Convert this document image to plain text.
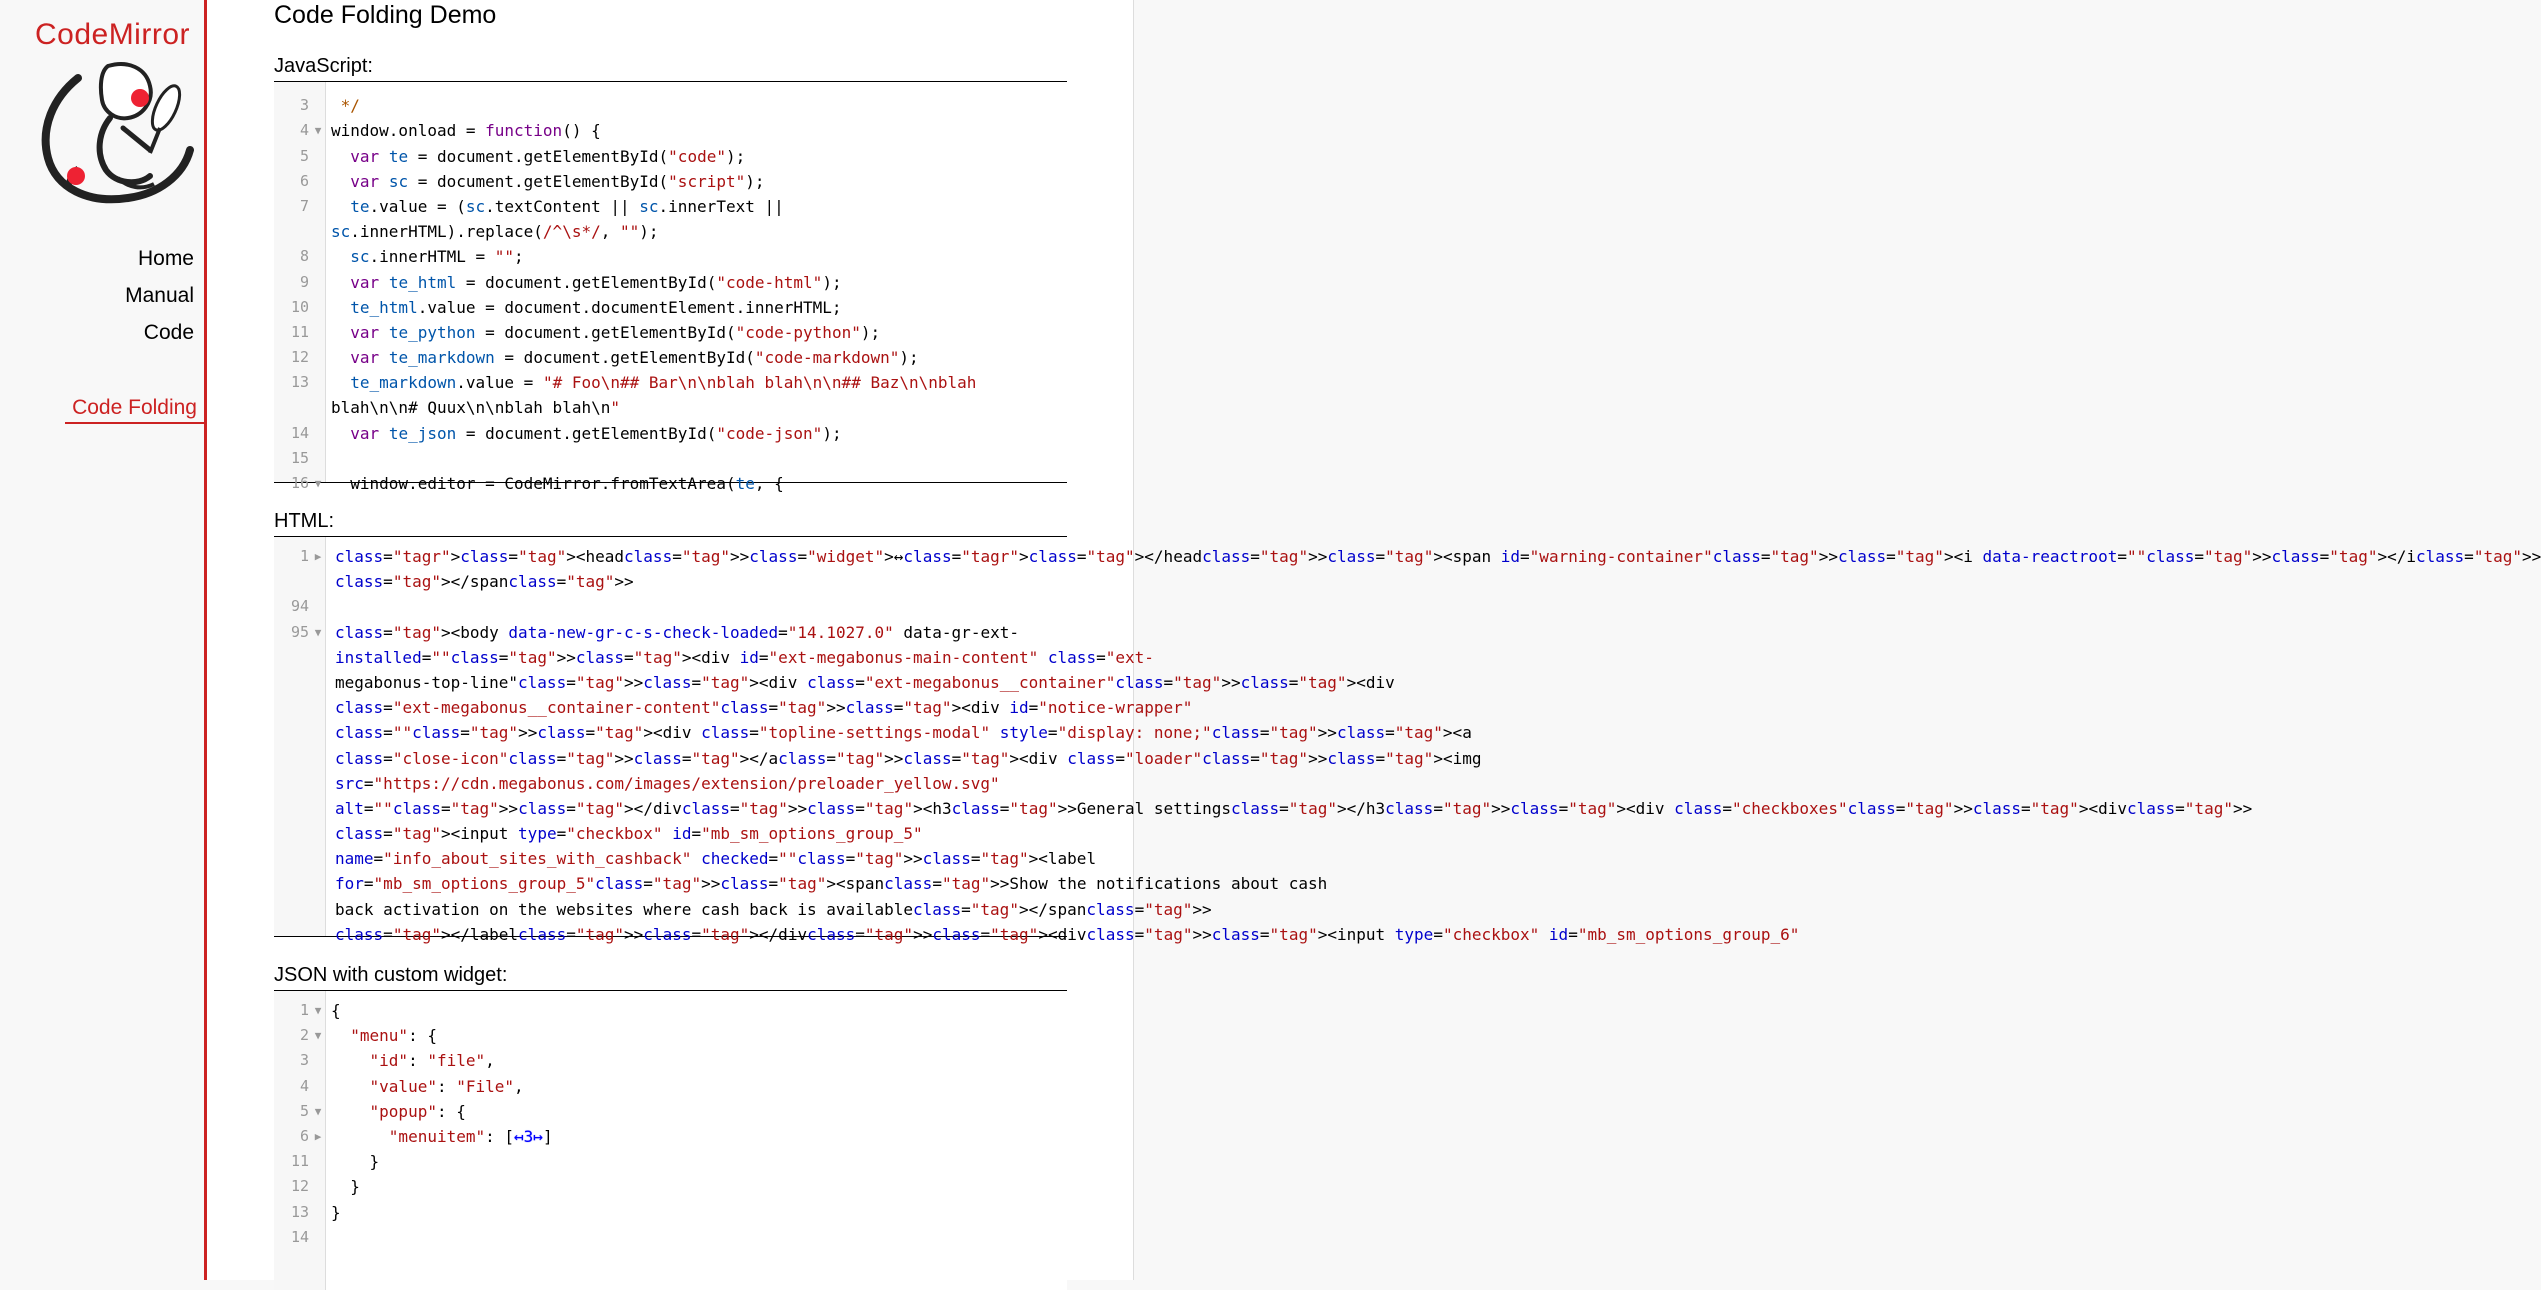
CodeMirror
Home
Manual
Code
Code Folding
Code Folding Demo
JavaScript:
3 */
4 ▼ window.onload = function() {
5	var te = document.getElementById("code");
6	var sc = document.getElementById("script");
7	te.value = (sc.textContent || sc.innerText ||
sc.innerHTML).replace(/^\s*/, "");
8	sc.innerHTML = "";
9	var te_html = document.getElementById("code-html");
10	te_html.value = document.documentElement.innerHTML;
11	var te_python = document.getElementById("code-python");
12	var te_markdown = document.getElementById("code-markdown");
13	te_markdown.value = "# Foo\n## Bar\n\nblah blah\n\n## Baz\n\nblah
blah\n\n# Quux\n\nblah blah\n"
14	var te_json = document.getElementById("code-json");
15
16 ▼ window.editor = CodeMirror.fromTextArea(te, {
HTML:
1 ▶ class="tagr">class="tag"><headclass="tag">>class="widget">↔class="tagr">class="tag"></headclass="tag">>class="tag"><span id="warning-container"class="tag">>class="tag"><i data-reactroot=""class="tag">>class="tag"></iclass="tag">>
class="tag"></spanclass="tag">>
94
95 ▼ class="tag"><body data-new-gr-c-s-check-loaded="14.1027.0" data-gr-ext-
installed=""class="tag">>class="tag"><div id="ext-megabonus-main-content" class="ext-
megabonus-top-line"class="tag">>class="tag"><div class="ext-megabonus__container"class="tag">>class="tag"><div
class="ext-megabonus__container-content"class="tag">>class="tag"><div id="notice-wrapper"
class=""class="tag">>class="tag"><div class="topline-settings-modal" style="display: none;"class="tag">>class="tag"><a
class="close-icon"class="tag">>class="tag"></aclass="tag">>class="tag"><div class="loader"class="tag">>class="tag"><img
src="https://cdn.megabonus.com/images/extension/preloader_yellow.svg"
alt=""class="tag">>class="tag"></divclass="tag">>class="tag"><h3class="tag">>General settingsclass="tag"></h3class="tag">>class="tag"><div class="checkboxes"class="tag">>class="tag"><divclass="tag">>
class="tag"><input type="checkbox" id="mb_sm_options_group_5"
name="info_about_sites_with_cashback" checked=""class="tag">>class="tag"><label
for="mb_sm_options_group_5"class="tag">>class="tag"><spanclass="tag">>Show the notifications about cash
back activation on the websites where cash back is availableclass="tag"></spanclass="tag">>
class="tag"></labelclass="tag">>class="tag"></divclass="tag">>class="tag"><divclass="tag">>class="tag"><input type="checkbox" id="mb_sm_options_group_6"
JSON with custom widget:
1 ▼ {
2 ▼	"menu": {
3	"id": "file",
4	"value": "File",
5 ▼	"popup": {
6 ▶	"menuitem": [↤3↦]
11 }
12 }
13 }
14
